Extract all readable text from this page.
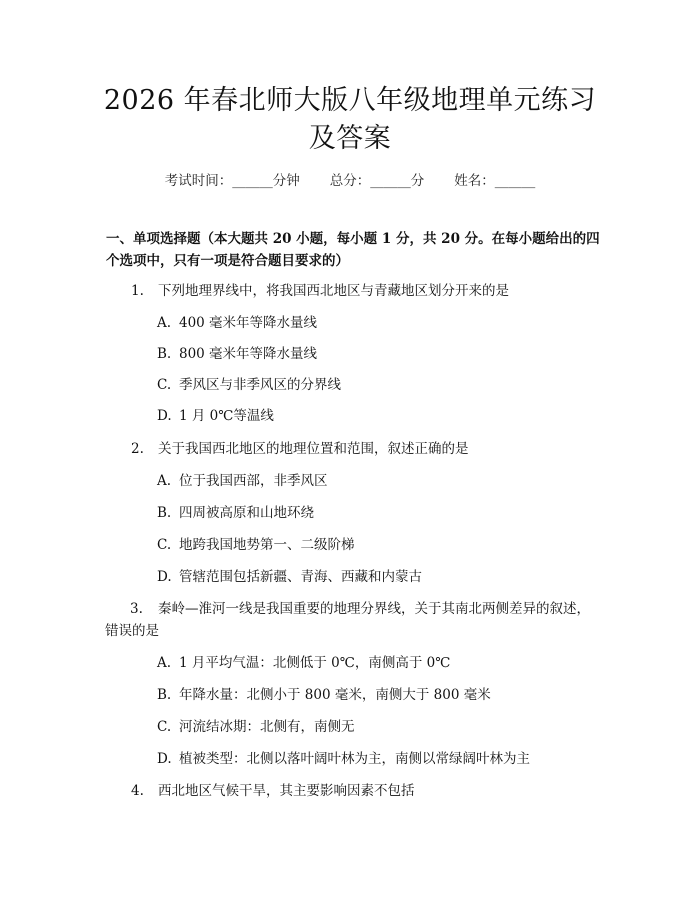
2026 年春北师大版八年级地理单元练习及答案
考试时间：______分钟 总分：______分 姓名：______

一、单项选择题（本大题共 20 小题，每小题 1 分，共 20 分。在每小题给出的四个选项中，只有一项是符合题目要求的）

1.	下列地理界线中，将我国西北地区与青藏地区划分开来的是
A. 400 毫米年等降水量线
B. 800 毫米年等降水量线
C. 季风区与非季风区的分界线
D. 1 月 0℃等温线
2.	关于我国西北地区的地理位置和范围，叙述正确的是
A. 位于我国西部，非季风区
B. 四周被高原和山地环绕
C. 地跨我国地势第一、二级阶梯
D. 管辖范围包括新疆、青海、西藏和内蒙古
3. 秦岭—淮河一线是我国重要的地理分界线，关于其南北两侧差异的叙述，错误的是
A. 1 月平均气温：北侧低于 0℃，南侧高于 0℃
B. 年降水量：北侧小于 800 毫米，南侧大于 800 毫米
C. 河流结冰期：北侧有，南侧无
D. 植被类型：北侧以落叶阔叶林为主，南侧以常绿阔叶林为主
4.	西北地区气候干旱，其主要影响因素不包括
